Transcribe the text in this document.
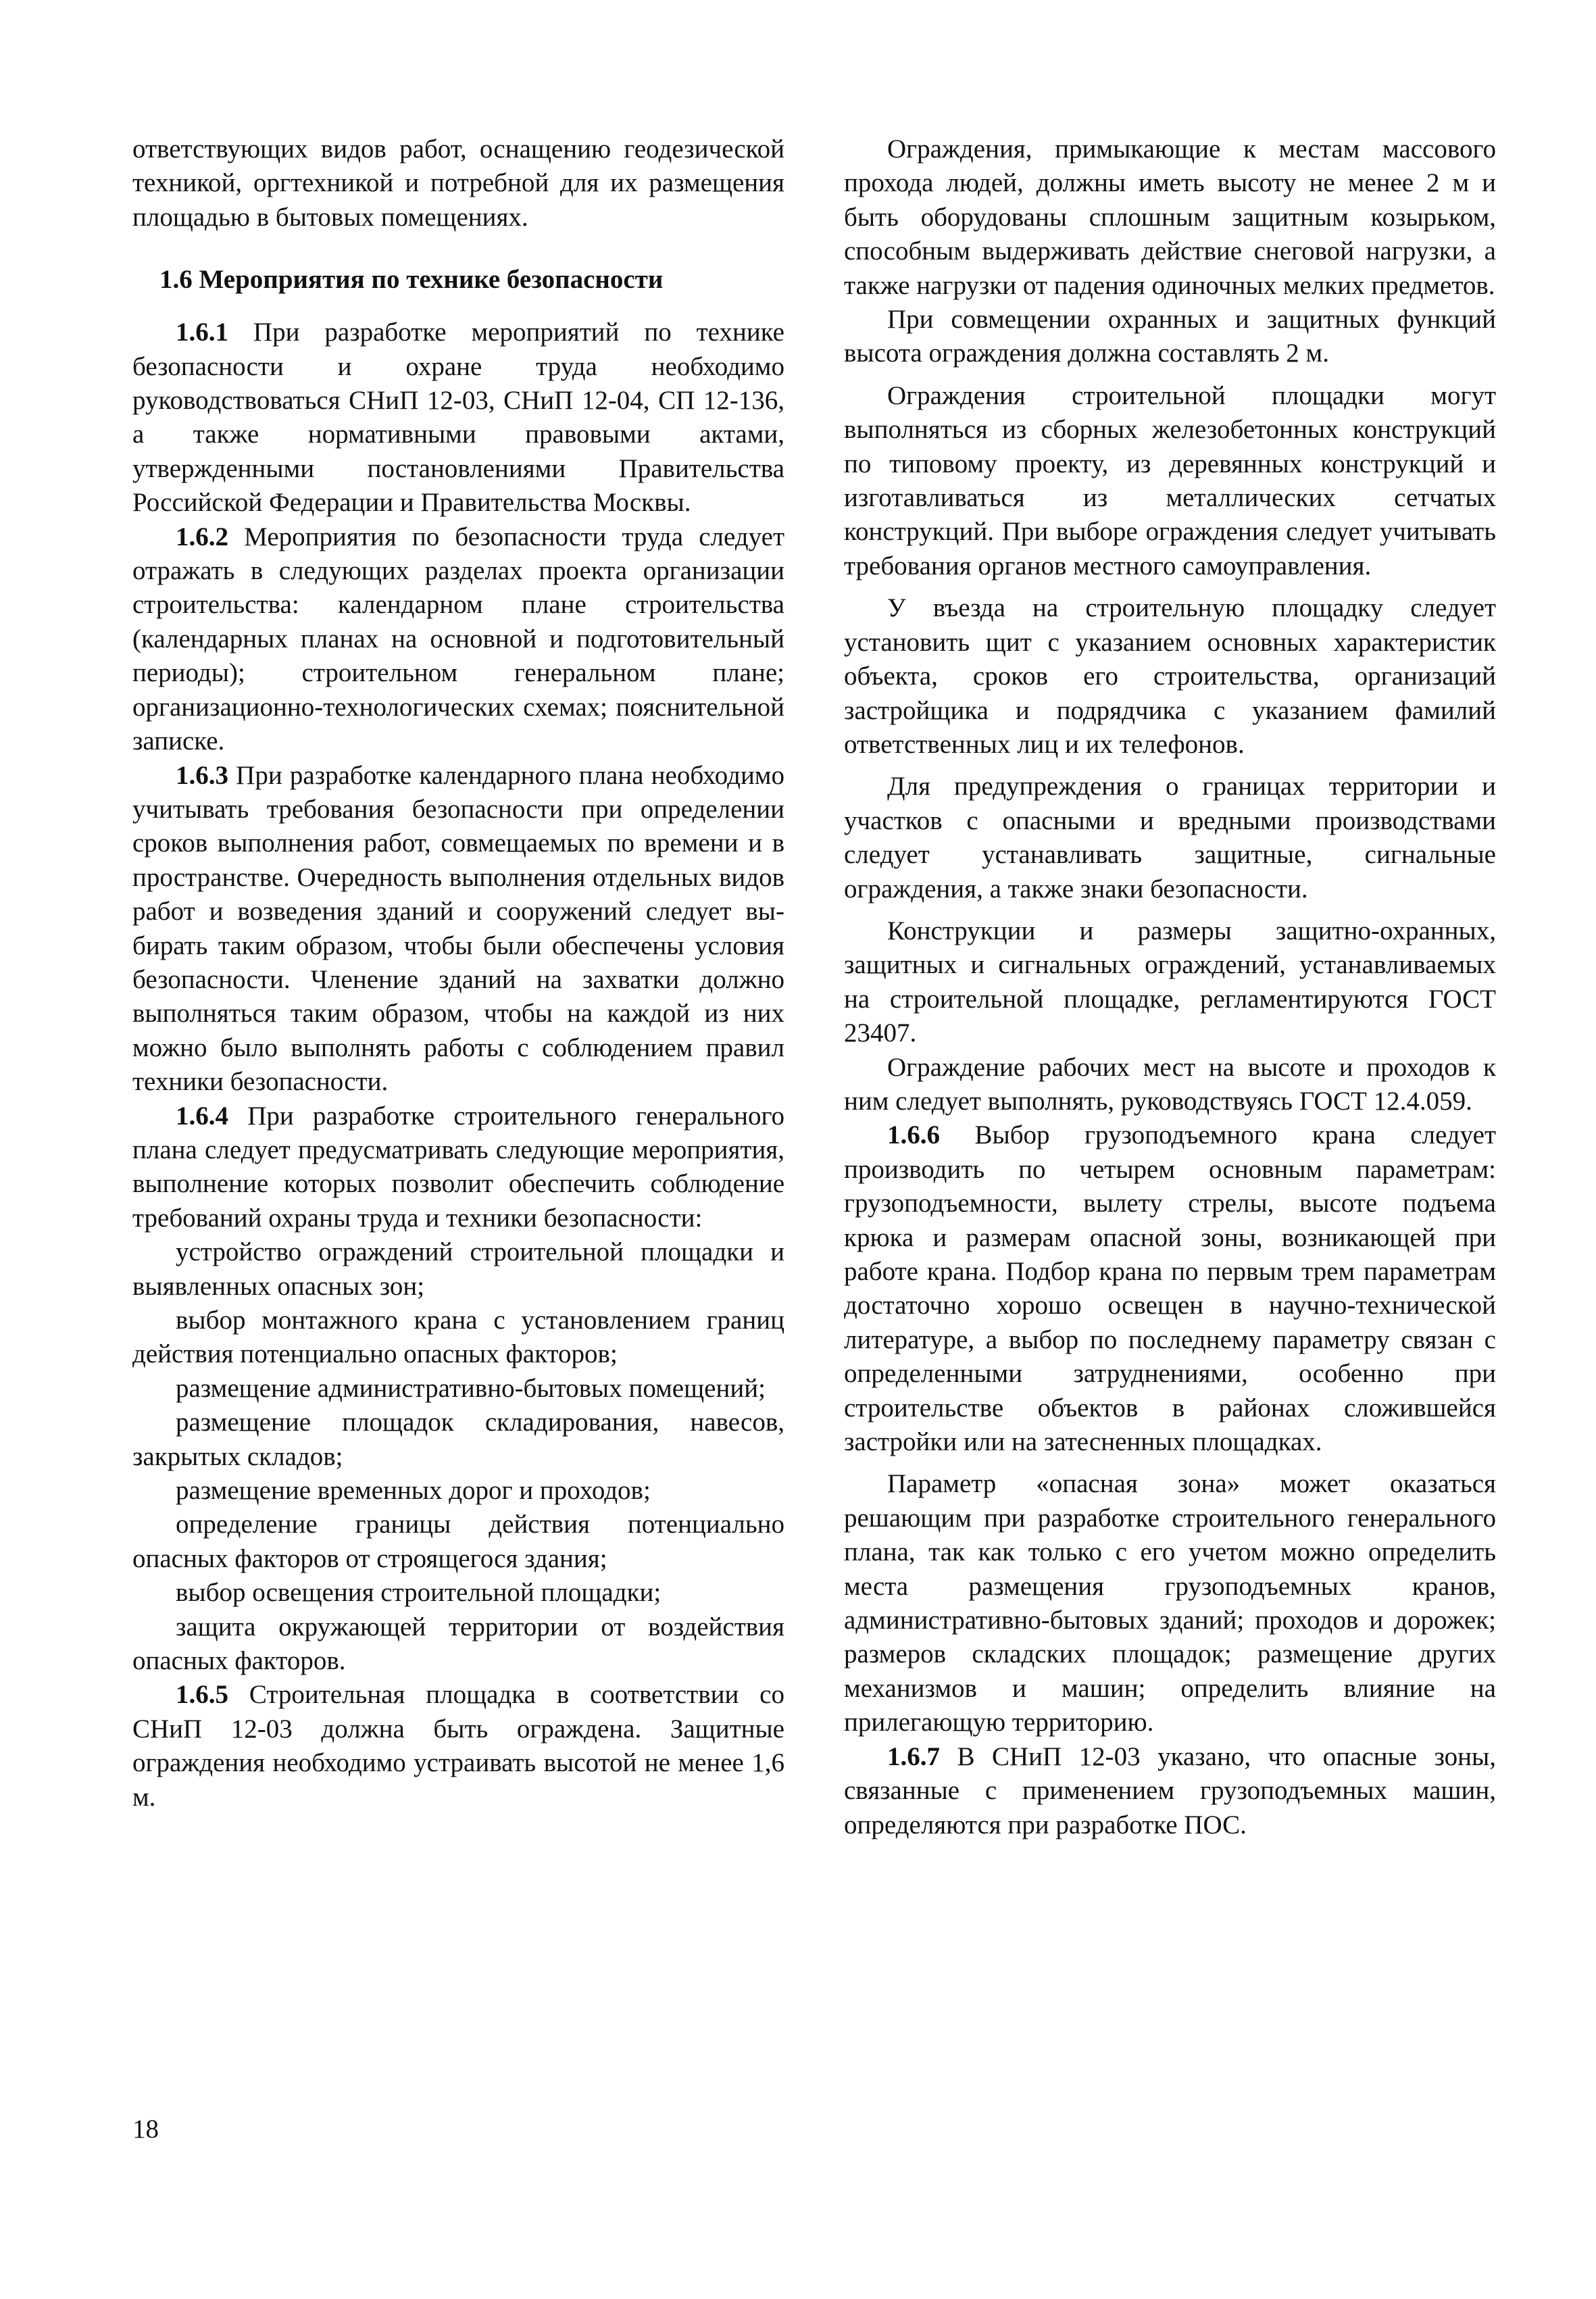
ответствующих видов работ, оснащению геодезической техникой, оргтехникой и потребной для их размещения площадью в бытовых помещениях.

1.6 Мероприятия по технике безопасности

1.6.1 При разработке мероприятий по технике безопасности и охране труда необходимо руководствоваться СНиП 12-03, СНиП 12-04, СП 12-136, а также нормативными правовыми актами, утвержденными постановлениями Правительства Российской Федерации и Правительства Москвы.

1.6.2 Мероприятия по безопасности труда следует отражать в следующих разделах проекта организации строительства: календарном плане строительства (календарных планах на основной и подготовительный периоды); строительном генеральном плане; организационно-технологических схемах; пояснительной записке.

1.6.3 При разработке календарного плана необходимо учитывать требования безопасности при определении сроков выполнения работ, совмещаемых по времени и в пространстве. Очередность выполнения отдельных видов работ и возведения зданий и сооружений следует выбирать таким образом, чтобы были обеспечены условия безопасности. Членение зданий на захватки должно выполняться таким образом, чтобы на каждой из них можно было выполнять работы с соблюдением правил техники безопасности.

1.6.4 При разработке строительного генерального плана следует предусматривать следующие мероприятия, выполнение которых позволит обеспечить соблюдение требований охраны труда и техники безопасности:

устройство ограждений строительной площадки и выявленных опасных зон;

выбор монтажного крана с установлением границ действия потенциально опасных факторов;

размещение административно-бытовых помещений;

размещение площадок складирования, навесов, закрытых складов;

размещение временных дорог и проходов;

определение границы действия потенциально опасных факторов от строящегося здания;

выбор освещения строительной площадки;

защита окружающей территории от воздействия опасных факторов.

1.6.5 Строительная площадка в соответствии со СНиП 12-03 должна быть ограждена. Защитные ограждения необходимо устраивать высотой не менее 1,6 м.

Ограждения, примыкающие к местам массового прохода людей, должны иметь высоту не менее 2 м и быть оборудованы сплошным защитным козырьком, способным выдерживать действие снеговой нагрузки, а также нагрузки от падения одиночных мелких предметов.

При совмещении охранных и защитных функций высота ограждения должна составлять 2 м.

Ограждения строительной площадки могут выполняться из сборных железобетонных конструкций по типовому проекту, из деревянных конструкций и изготавливаться из металлических сетчатых конструкций. При выборе ограждения следует учитывать требования органов местного самоуправления.

У въезда на строительную площадку следует установить щит с указанием основных характеристик объекта, сроков его строительства, организаций застройщика и подрядчика с указанием фамилий ответственных лиц и их телефонов.

Для предупреждения о границах территории и участков с опасными и вредными производствами следует устанавливать защитные, сигнальные ограждения, а также знаки безопасности.

Конструкции и размеры защитно-охранных, защитных и сигнальных ограждений, устанавливаемых на строительной площадке, регламентируются ГОСТ 23407.

Ограждение рабочих мест на высоте и проходов к ним следует выполнять, руководствуясь ГОСТ 12.4.059.

1.6.6 Выбор грузоподъемного крана следует производить по четырем основным параметрам: грузоподъемности, вылету стрелы, высоте подъема крюка и размерам опасной зоны, возникающей при работе крана. Подбор крана по первым трем параметрам достаточно хорошо освещен в научно-технической литературе, а выбор по последнему параметру связан с определенными затруднениями, особенно при строительстве объектов в районах сложившейся застройки или на затесненных площадках.

Параметр «опасная зона» может оказаться решающим при разработке строительного генерального плана, так как только с его учетом можно определить места размещения грузоподъемных кранов, административно-бытовых зданий; проходов и дорожек; размеров складских площадок; размещение других механизмов и машин; определить влияние на прилегающую территорию.

1.6.7 В СНиП 12-03 указано, что опасные зоны, связанные с применением грузоподъемных машин, определяются при разработке ПОС.

18
